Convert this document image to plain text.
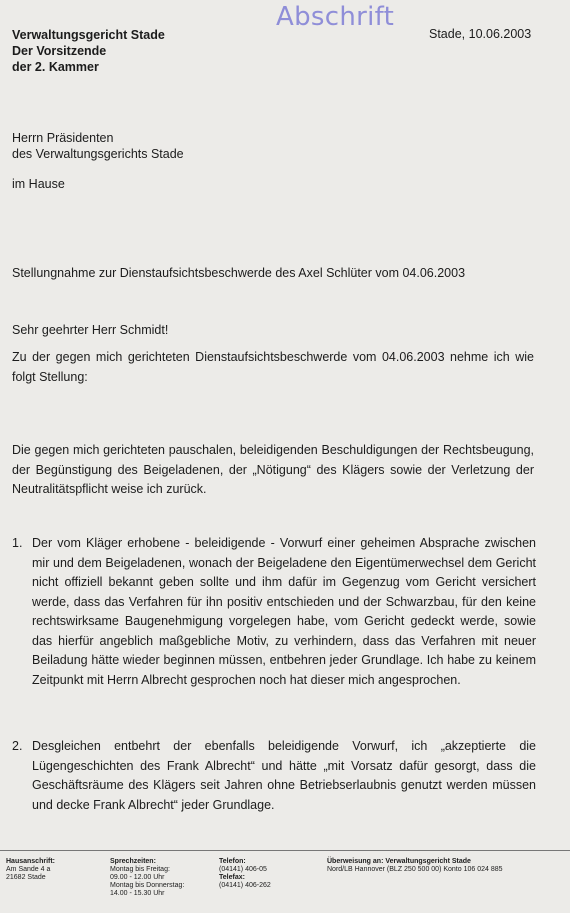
Verwaltungsgericht Stade
Der Vorsitzende
der 2. Kammer
Abschrift
Stade, 10.06.2003
Herrn Präsidenten
des Verwaltungsgerichts Stade
im Hause
Stellungnahme zur Dienstaufsichtsbeschwerde des Axel Schlüter vom 04.06.2003
Sehr geehrter Herr Schmidt!
Zu der gegen mich gerichteten Dienstaufsichtsbeschwerde vom 04.06.2003 nehme ich wie folgt Stellung:
Die gegen mich gerichteten pauschalen, beleidigenden Beschuldigungen der Rechtsbeugung, der Begünstigung des Beigeladenen, der „Nötigung“ des Klägers sowie der Verletzung der Neutralitätspflicht weise ich zurück.
1. Der vom Kläger erhobene - beleidigende - Vorwurf einer geheimen Absprache zwischen mir und dem Beigeladenen, wonach der Beigeladene den Eigentümerwechsel dem Gericht nicht offiziell bekannt geben sollte und ihm dafür im Gegenzug vom Gericht versichert werde, dass das Verfahren für ihn positiv entschieden und der Schwarzbau, für den keine rechtswirksame Baugenehmigung vorgelegen habe, vom Gericht gedeckt werde, sowie das hierfür angeblich maßgebliche Motiv, zu verhindern, dass das Verfahren mit neuer Beiladung hätte wieder beginnen müssen, entbehren jeder Grundlage. Ich habe zu keinem Zeitpunkt mit Herrn Albrecht gesprochen noch hat dieser mich angesprochen.
2. Desgleichen entbehrt der ebenfalls beleidigende Vorwurf, ich „akzeptierte die Lügengeschichten des Frank Albrecht“ und hätte „mit Vorsatz dafür gesorgt, dass die Geschäftsräume des Klägers seit Jahren ohne Betriebserlaubnis genutzt werden müssen und decke Frank Albrecht“ jeder Grundlage.
Hausanschrift:
Am Sande 4 a
21682 Stade
Sprechzeiten:
Montag bis Freitag:
09.00 - 12.00 Uhr
Montag bis Donnerstag:
14.00 - 15.30 Uhr
Telefon:
(04141) 406-05
Telefax:
(04141) 406-262
Überweisung an: Verwaltungsgericht Stade
Nord/LB Hannover (BLZ 250 500 00) Konto 106 024 885
